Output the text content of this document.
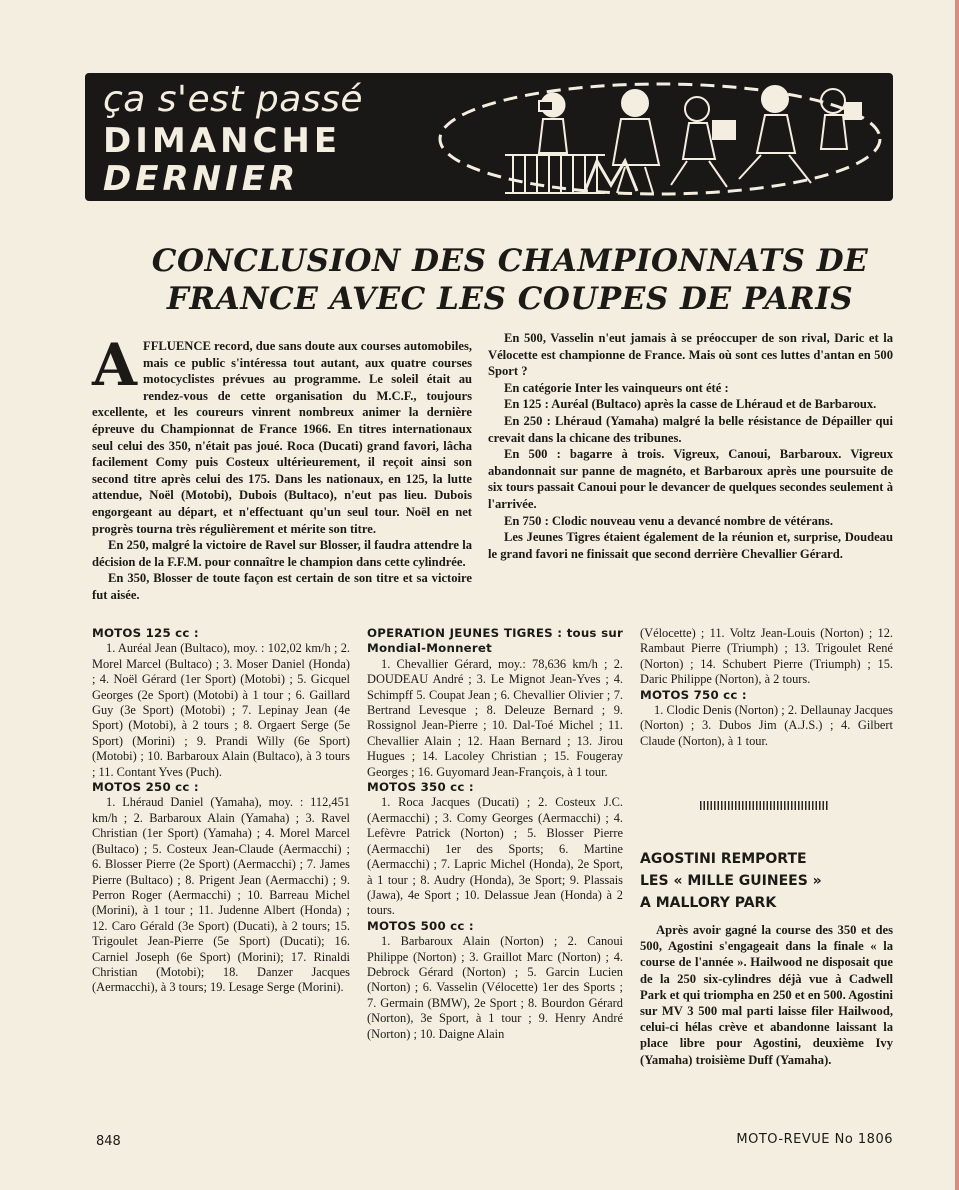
ça s'est passé
DIMANCHE
DERNIER
CONCLUSION DES CHAMPIONNATS DE
FRANCE AVEC LES COUPES DE PARIS

AFFLUENCE record, due sans doute aux courses automobiles, mais ce public s'intéressa tout autant, aux quatre courses motocyclistes prévues au programme. Le soleil était au rendez-vous de cette organisation du M.C.F., toujours excellente, et les coureurs vinrent nombreux animer la dernière épreuve du Championnat de France 1966. En titres internationaux seul celui des 350, n'était pas joué. Roca (Ducati) grand favori, lâcha facilement Comy puis Costeux ultérieurement, il reçoit ainsi son second titre après celui des 175. Dans les nationaux, en 125, la lutte attendue, Noël (Motobi), Dubois (Bultaco), n'eut pas lieu. Dubois engorgeant au départ, et n'effectuant qu'un seul tour. Noël en net progrès tourna très régulièrement et mérite son titre.

En 250, malgré la victoire de Ravel sur Blosser, il faudra attendre la décision de la F.F.M. pour connaître le champion dans cette cylindrée.

En 350, Blosser de toute façon est certain de son titre et sa victoire fut aisée.

En 500, Vasselin n'eut jamais à se préoccuper de son rival, Daric et la Vélocette est championne de France. Mais où sont ces luttes d'antan en 500 Sport ?

En catégorie Inter les vainqueurs ont été :

En 125 : Auréal (Bultaco) après la casse de Lhéraud et de Barbaroux.

En 250 : Lhéraud (Yamaha) malgré la belle résistance de Dépailler qui crevait dans la chicane des tribunes.

En 500 : bagarre à trois. Vigreux, Canoui, Barbaroux. Vigreux abandonnait sur panne de magnéto, et Barbaroux après une poursuite de six tours passait Canoui pour le devancer de quelques secondes seulement à l'arrivée.

En 750 : Clodic nouveau venu a devancé nombre de vétérans.

Les Jeunes Tigres étaient également de la réunion et, surprise, Doudeau le grand favori ne finissait que second derrière Chevallier Gérard.

MOTOS 125 cc :

1. Auréal Jean (Bultaco), moy. : 102,02 km/h ; 2. Morel Marcel (Bultaco) ; 3. Moser Daniel (Honda) ; 4. Noël Gérard (1er Sport) (Motobi) ; 5. Gicquel Georges (2e Sport) (Motobi) à 1 tour ; 6. Gaillard Guy (3e Sport) (Motobi) ; 7. Lepinay Jean (4e Sport) (Motobi), à 2 tours ; 8. Orgaert Serge (5e Sport) (Morini) ; 9. Prandi Willy (6e Sport) (Motobi) ; 10. Barbaroux Alain (Bultaco), à 3 tours ; 11. Contant Yves (Puch).

MOTOS 250 cc :

1. Lhéraud Daniel (Yamaha), moy. : 112,451 km/h ; 2. Barbaroux Alain (Yamaha) ; 3. Ravel Christian (1er Sport) (Yamaha) ; 4. Morel Marcel (Bultaco) ; 5. Costeux Jean-Claude (Aermacchi) ; 6. Blosser Pierre (2e Sport) (Aermacchi) ; 7. James Pierre (Bultaco) ; 8. Prigent Jean (Aermacchi) ; 9. Perron Roger (Aermacchi) ; 10. Barreau Michel (Morini), à 1 tour ; 11. Judenne Albert (Honda) ; 12. Caro Gérald (3e Sport) (Ducati), à 2 tours; 15. Trigoulet Jean-Pierre (5e Sport) (Ducati); 16. Carniel Joseph (6e Sport) (Morini); 17. Rinaldi Christian (Motobi); 18. Danzer Jacques (Aermacchi), à 3 tours; 19. Lesage Serge (Morini).

OPERATION JEUNES TIGRES : tous sur Mondial-Monneret

1. Chevallier Gérard, moy.: 78,636 km/h ; 2. DOUDEAU André ; 3. Le Mignot Jean-Yves ; 4. Schimpff 5. Coupat Jean ; 6. Chevallier Olivier ; 7. Bertrand Levesque ; 8. Deleuze Bernard ; 9. Rossignol Jean-Pierre ; 10. Dal-Toé Michel ; 11. Chevallier Alain ; 12. Haan Bernard ; 13. Jirou Hugues ; 14. Lacoley Christian ; 15. Fougeray Georges ; 16. Guyomard Jean-François, à 1 tour.

MOTOS 350 cc :

1. Roca Jacques (Ducati) ; 2. Costeux J.C. (Aermacchi) ; 3. Comy Georges (Aermacchi) ; 4. Lefèvre Patrick (Norton) ; 5. Blosser Pierre (Aermacchi) 1er des Sports; 6. Martine (Aermacchi) ; 7. Lapric Michel (Honda), 2e Sport, à 1 tour ; 8. Audry (Honda), 3e Sport; 9. Plassais (Jawa), 4e Sport ; 10. Delassue Jean (Honda) à 2 tours.

MOTOS 500 cc :

1. Barbaroux Alain (Norton) ; 2. Canoui Philippe (Norton) ; 3. Graillot Marc (Norton) ; 4. Debrock Gérard (Norton) ; 5. Garcin Lucien (Norton) ; 6. Vasselin (Vélocette) 1er des Sports ; 7. Germain (BMW), 2e Sport ; 8. Bourdon Gérard (Norton), 3e Sport, à 1 tour ; 9. Henry André (Norton) ; 10. Daigne Alain

(Vélocette) ; 11. Voltz Jean-Louis (Norton) ; 12. Rambaut Pierre (Triumph) ; 13. Trigoulet René (Norton) ; 14. Schubert Pierre (Triumph) ; 15. Daric Philippe (Norton), à 2 tours.

MOTOS 750 cc :

1. Clodic Denis (Norton) ; 2. Dellaunay Jacques (Norton) ; 3. Dubos Jim (A.J.S.) ; 4. Gilbert Claude (Norton), à 1 tour.

AGOSTINI REMPORTE
LES « MILLE GUINEES »
A MALLORY PARK

Après avoir gagné la course des 350 et des 500, Agostini s'engageait dans la finale « la course de l'année ». Hailwood ne disposait que de la 250 six-cylindres déjà vue à Cadwell Park et qui triompha en 250 et en 500. Agostini sur MV 3 500 mal parti laisse filer Hailwood, celui-ci hélas crève et abandonne laissant la place libre pour Agostini, deuxième Ivy (Yamaha) troisième Duff (Yamaha).

848	MOTO-REVUE No 1806
